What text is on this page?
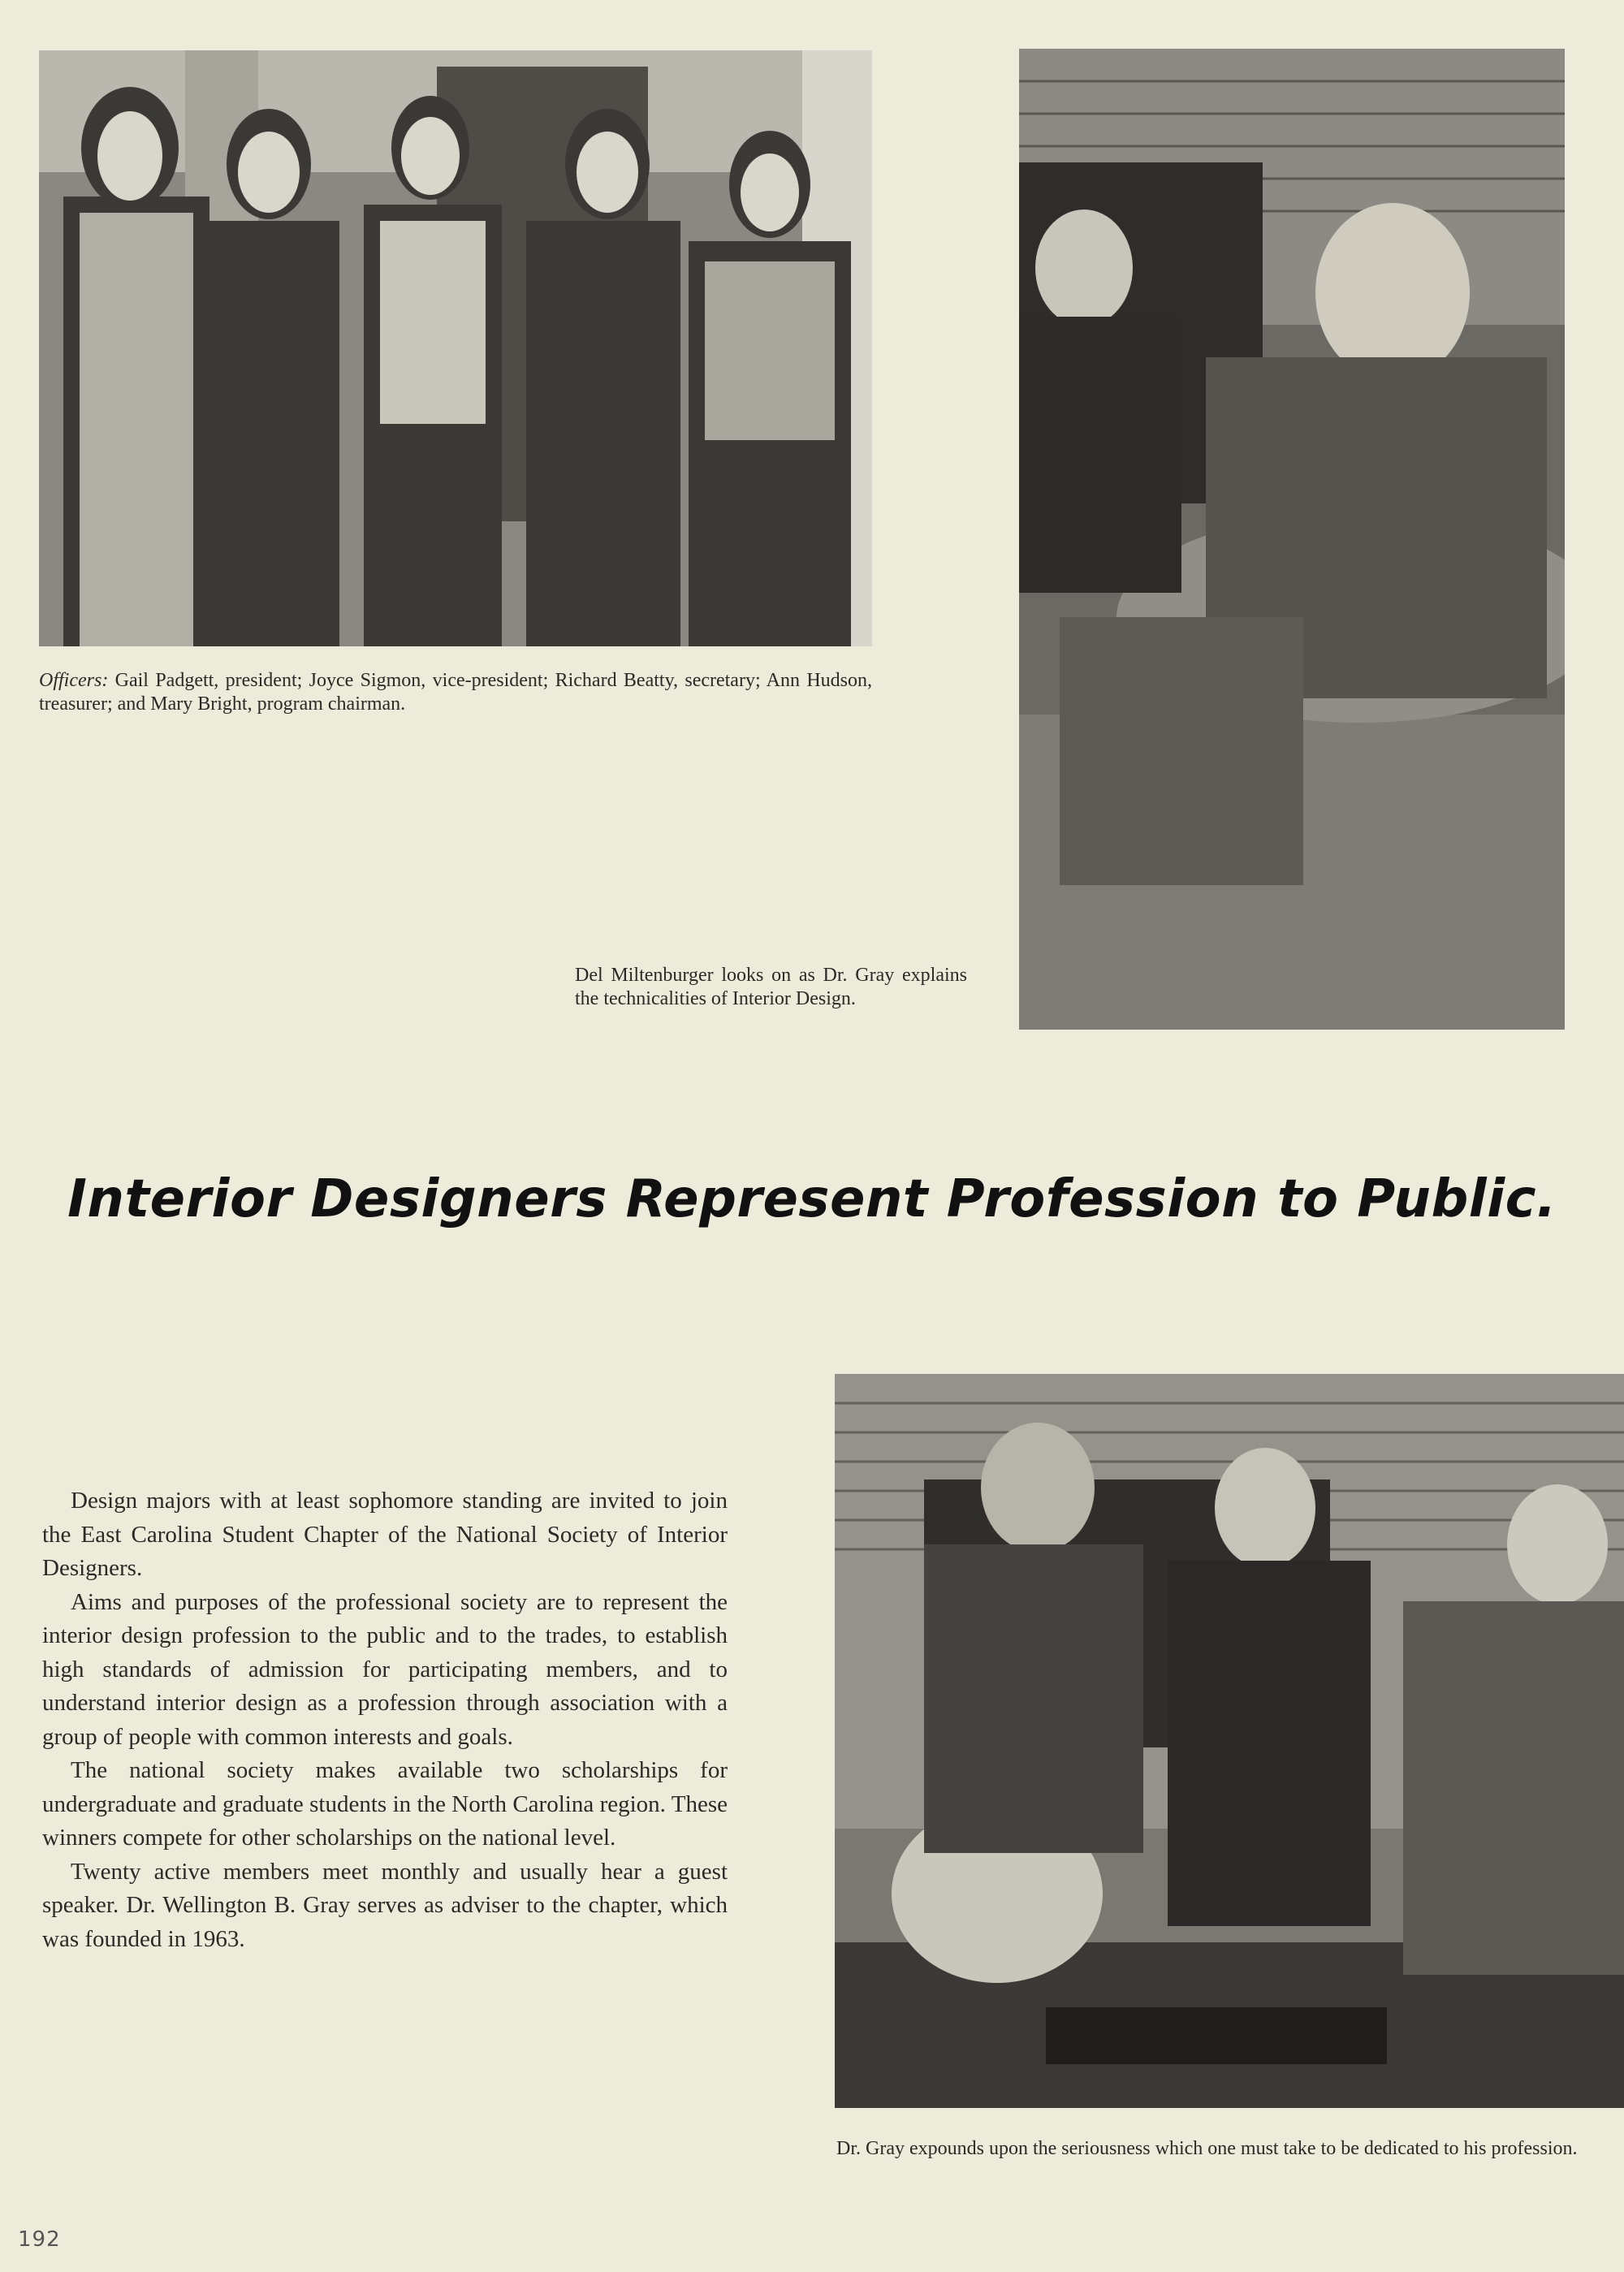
Officers: Gail Padgett, president; Joyce Sigmon, vice-president; Richard Beatty, secretary; Ann Hudson, treasurer; and Mary Bright, program chairman.

Del Miltenburger looks on as Dr. Gray explains the technicalities of Interior Design.

Interior Designers Represent Profession to Public.

Design majors with at least sophomore standing are invited to join the East Carolina Student Chapter of the National Society of Interior Designers.

Aims and purposes of the professional society are to represent the interior design profession to the public and to the trades, to establish high standards of admission for participating members, and to understand interior design as a profession through association with a group of people with common interests and goals.

The national society makes available two scholarships for undergraduate and graduate students in the North Carolina region. These winners compete for other scholarships on the national level.

Twenty active members meet monthly and usually hear a guest speaker. Dr. Wellington B. Gray serves as adviser to the chapter, which was founded in 1963.

Dr. Gray expounds upon the seriousness which one must take to be dedicated to his profession.

192
